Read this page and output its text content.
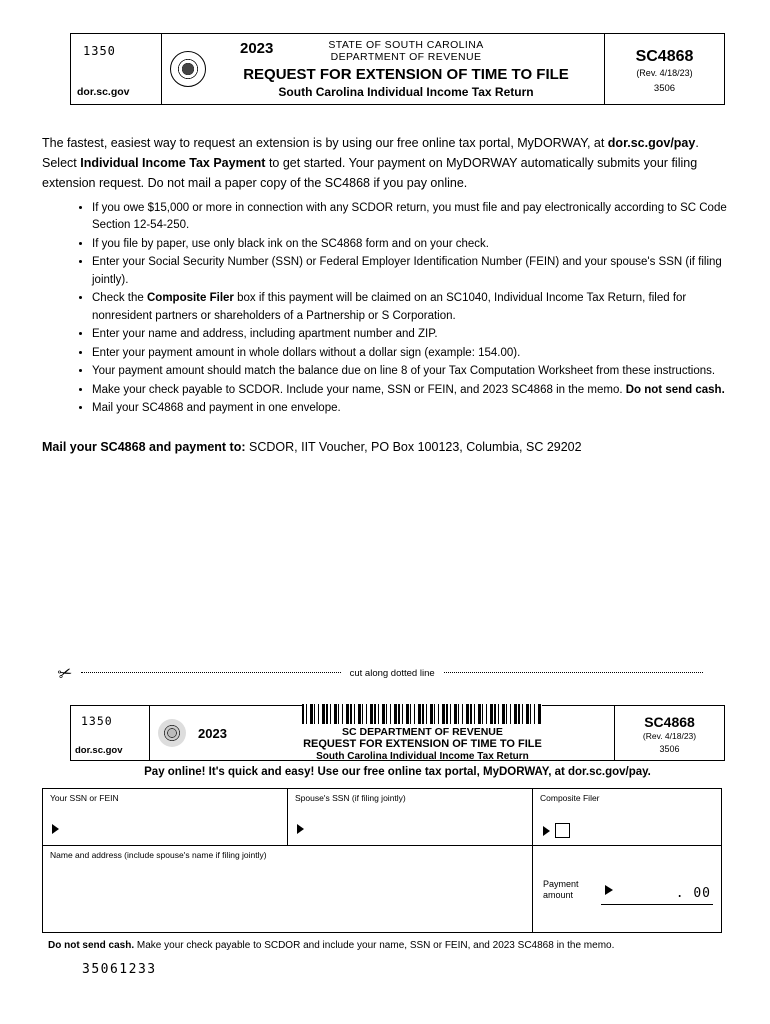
1350
dor.sc.gov
2023	STATE OF SOUTH CAROLINA
DEPARTMENT OF REVENUE
REQUEST FOR EXTENSION OF TIME TO FILE
South Carolina Individual Income Tax Return
SC4868
(Rev. 4/18/23)
3506

The fastest, easiest way to request an extension is by using our free online tax portal, MyDORWAY, at dor.sc.gov/pay. Select Individual Income Tax Payment to get started. Your payment on MyDORWAY automatically submits your filing extension request. Do not mail a paper copy of the SC4868 if you pay online.

• If you owe $15,000 or more in connection with any SCDOR return, you must file and pay electronically according to SC Code Section 12-54-250.
• If you file by paper, use only black ink on the SC4868 form and on your check.
• Enter your Social Security Number (SSN) or Federal Employer Identification Number (FEIN) and your spouse's SSN (if filing jointly).
• Check the Composite Filer box if this payment will be claimed on an SC1040, Individual Income Tax Return, filed for nonresident partners or shareholders of a Partnership or S Corporation.
• Enter your name and address, including apartment number and ZIP.
• Enter your payment amount in whole dollars without a dollar sign (example: 154.00).
• Your payment amount should match the balance due on line 8 of your Tax Computation Worksheet from these instructions.
• Make your check payable to SCDOR. Include your name, SSN or FEIN, and 2023 SC4868 in the memo. Do not send cash.
• Mail your SC4868 and payment in one envelope.
Mail your SC4868 and payment to: SCDOR, IIT Voucher, PO Box 100123, Columbia, SC 29202
✂	cut along dotted line
1350
dor.sc.gov
2023	SC DEPARTMENT OF REVENUE
REQUEST FOR EXTENSION OF TIME TO FILE
South Carolina Individual Income Tax Return
SC4868
(Rev. 4/18/23)
3506
Pay online! It's quick and easy! Use our free online tax portal, MyDORWAY, at dor.sc.gov/pay.
Your SSN or FEIN	Spouse's SSN (if filing jointly)	Composite Filer
Name and address (include spouse's name if filing jointly)
Payment
amount	. 00
Do not send cash. Make your check payable to SCDOR and include your name, SSN or FEIN, and 2023 SC4868 in the memo.
35061233
